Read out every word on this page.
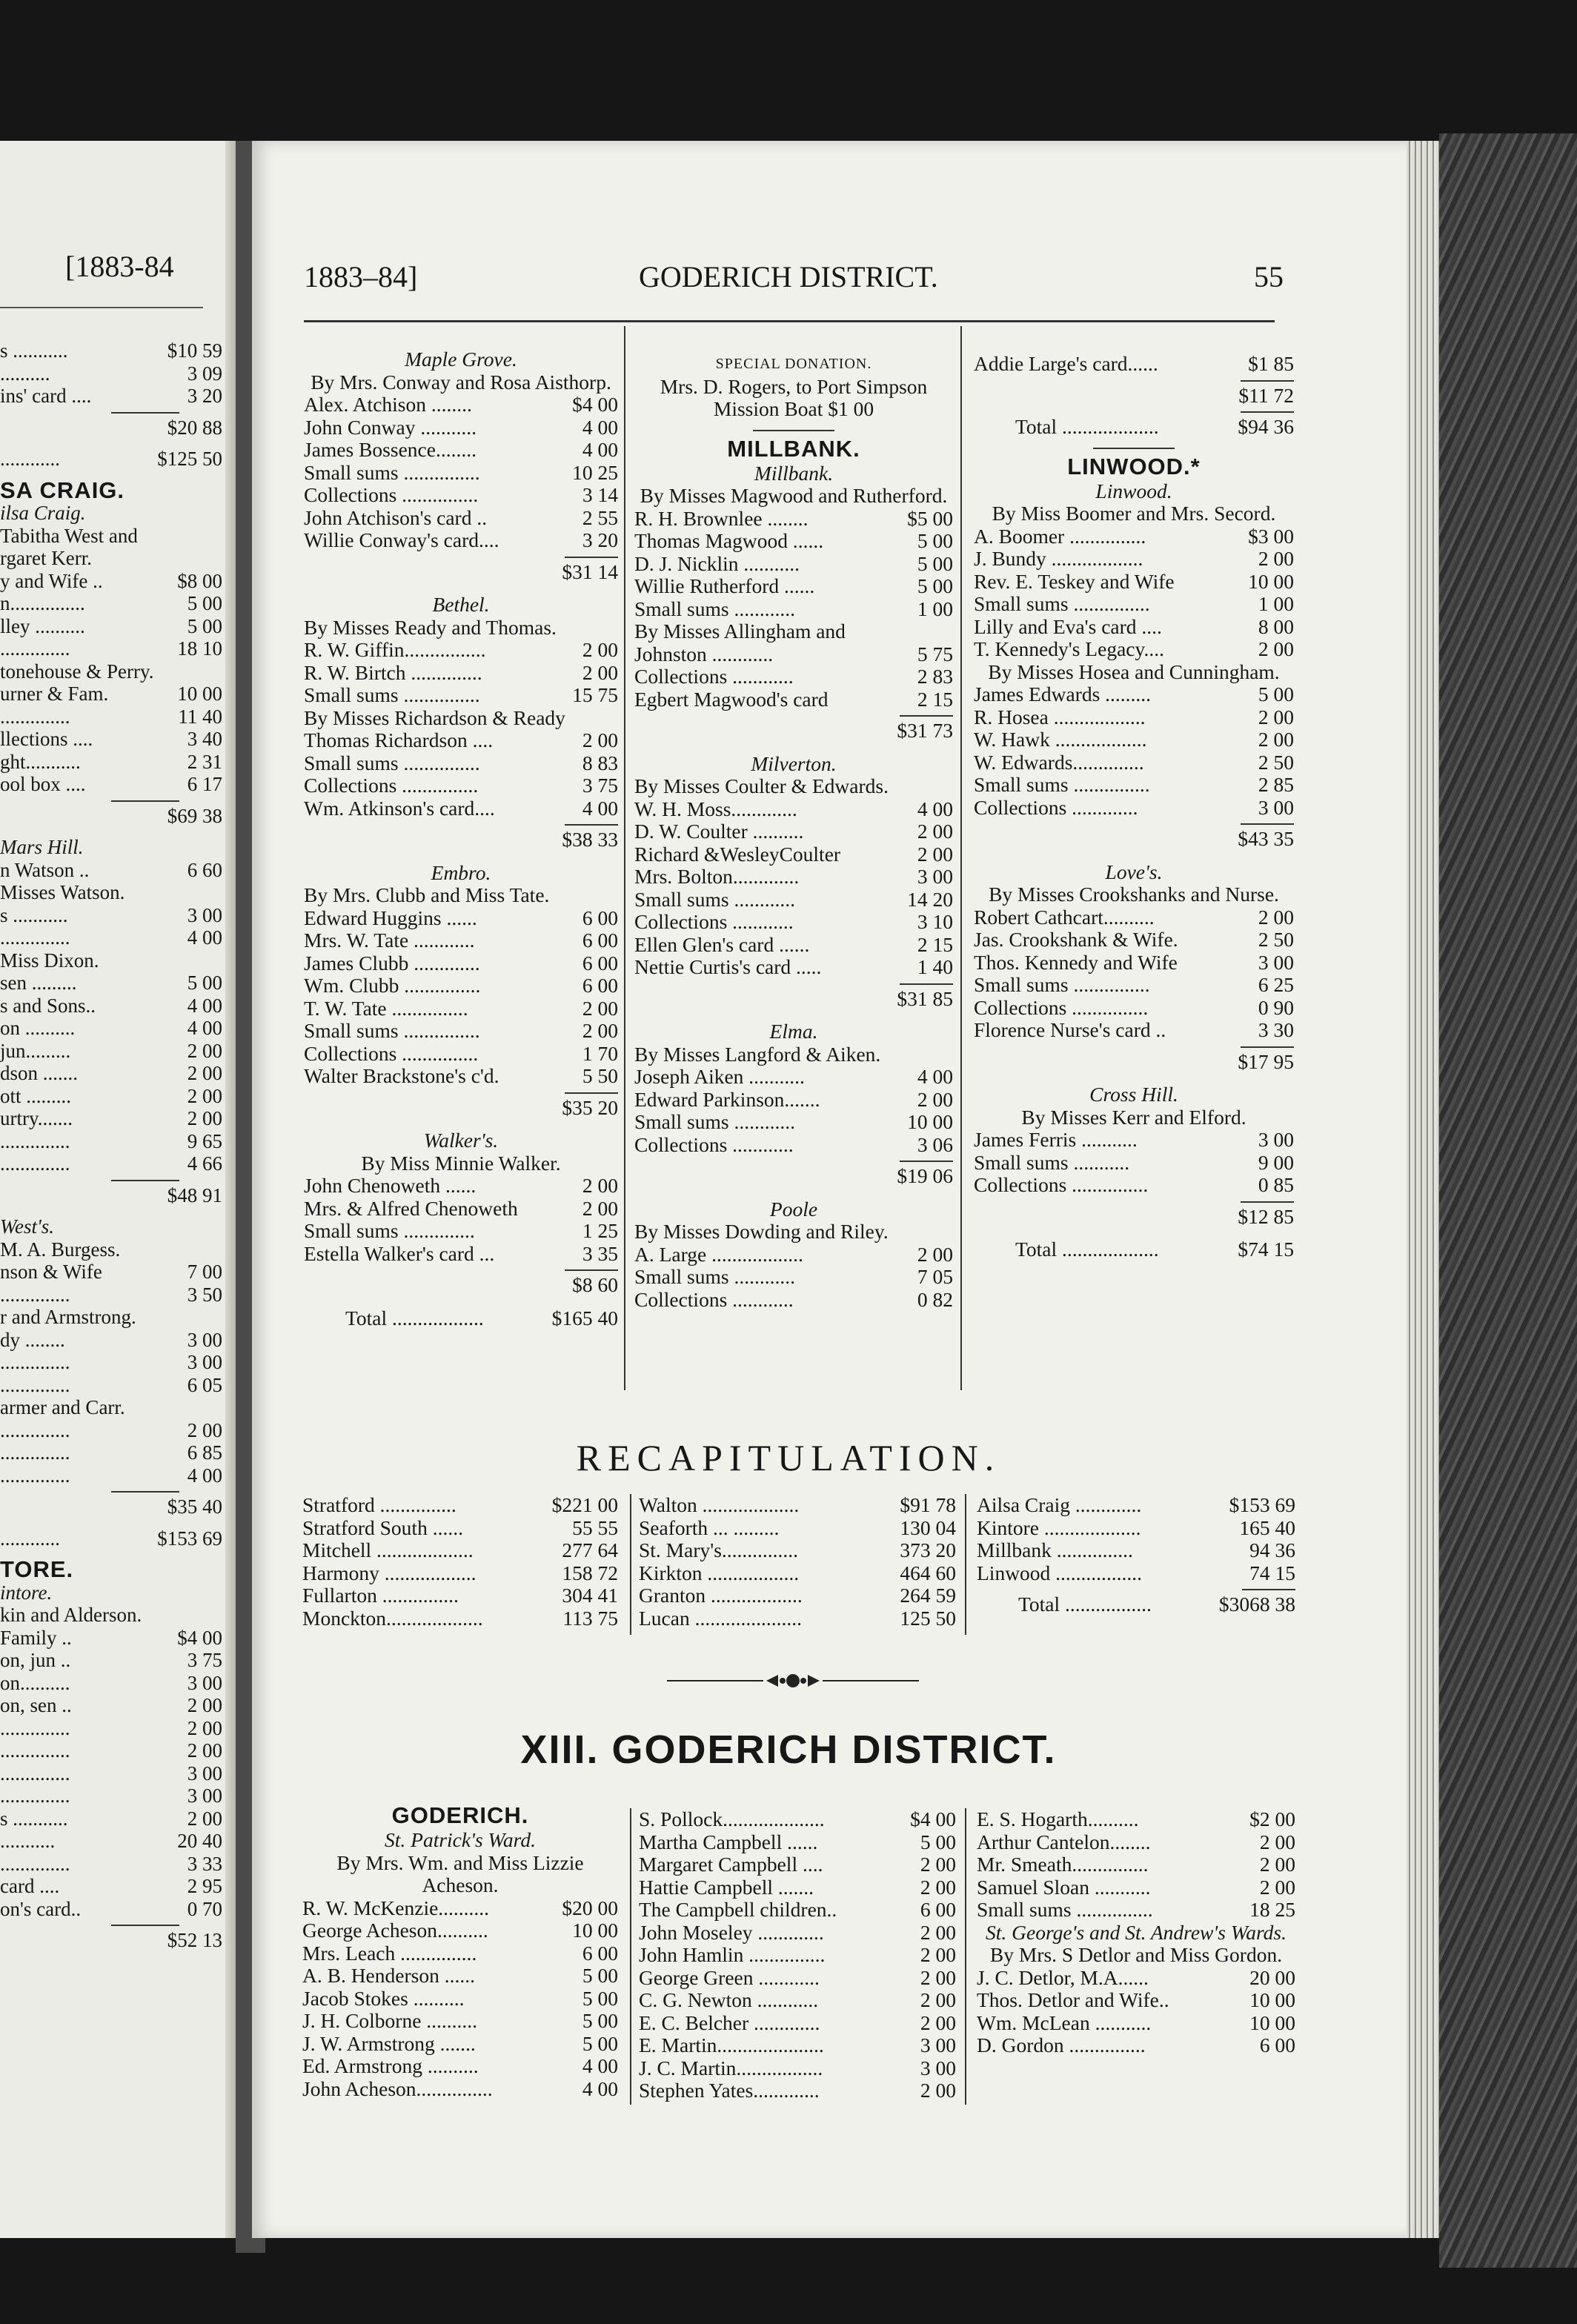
[1883-84
s ...........	$10 59
..........	3 09
ins' card ....	3 20
$20 88
............	$125 50
SA CRAIG.
ilsa Craig.
Tabitha West and
rgaret Kerr.
y and Wife ..	$8 00
n...............	5 00
lley ..........	5 00
..............	18 10
tonehouse & Perry.
urner & Fam.	10 00
..............	11 40
llections ....	3 40
ght...........	2 31
ool box ....	6 17
$69 38
Mars Hill.
n Watson ..	6 60
Misses Watson.
s ...........	3 00
..............	4 00
Miss Dixon.
sen .........	5 00
s and Sons..	4 00
on ..........	4 00
jun.........	2 00
dson .......	2 00
ott .........	2 00
urtry.......	2 00
..............	9 65
..............	4 66
$48 91
West's.
M. A. Burgess.
nson & Wife	7 00
..............	3 50
r and Armstrong.
dy ........	3 00
..............	3 00
..............	6 05
armer and Carr.
..............	2 00
..............	6 85
..............	4 00
$35 40
............	$153 69
TORE.
intore.
kin and Alderson.
Family ..	$4 00
on, jun ..	3 75
on..........	3 00
on, sen ..	2 00
..............	2 00
..............	2 00
..............	3 00
..............	3 00
s ...........	2 00
...........	20 40
..............	3 33
card ....	2 95
on's card..	0 70
$52 13
1883–84]	GODERICH DISTRICT.	55
Maple Grove.
By Mrs. Conway and Rosa Aisthorp.
Alex. Atchison ........	$4 00
John Conway ...........	4 00
James Bossence........	4 00
Small sums ...............	10 25
Collections ...............	3 14
John Atchison's card ..	2 55
Willie Conway's card....	3 20
$31 14
Bethel.
By Misses Ready and Thomas.
R. W. Giffin................	2 00
R. W. Birtch ..............	2 00
Small sums ...............	15 75
By Misses Richardson & Ready
Thomas Richardson ....	2 00
Small sums ...............	8 83
Collections ...............	3 75
Wm. Atkinson's card....	4 00
$38 33
Embro.
By Mrs. Clubb and Miss Tate.
Edward Huggins ......	6 00
Mrs. W. Tate ............	6 00
James Clubb .............	6 00
Wm. Clubb ...............	6 00
T. W. Tate ...............	2 00
Small sums ...............	2 00
Collections ...............	1 70
Walter Brackstone's c'd.	5 50
$35 20
Walker's.
By Miss Minnie Walker.
John Chenoweth ......	2 00
Mrs. & Alfred Chenoweth	2 00
Small sums ..............	1 25
Estella Walker's card ...	3 35
$8 60
Total ..................	$165 40
SPECIAL DONATION.
Mrs. D. Rogers, to Port Simpson Mission Boat $1 00
MILLBANK.
Millbank.
By Misses Magwood and Rutherford.
R. H. Brownlee ........	$5 00
Thomas Magwood ......	5 00
D. J. Nicklin ...........	5 00
Willie Rutherford ......	5 00
Small sums ............	1 00
By Misses Allingham and
Johnston ............	5 75
Collections ............	2 83
Egbert Magwood's card	2 15
$31 73
Milverton.
By Misses Coulter & Edwards.
W. H. Moss.............	4 00
D. W. Coulter ..........	2 00
Richard &WesleyCoulter	2 00
Mrs. Bolton.............	3 00
Small sums ............	14 20
Collections ............	3 10
Ellen Glen's card ......	2 15
Nettie Curtis's card .....	1 40
$31 85
Elma.
By Misses Langford & Aiken.
Joseph Aiken ...........	4 00
Edward Parkinson.......	2 00
Small sums ............	10 00
Collections ............	3 06
$19 06
Poole
By Misses Dowding and Riley.
A. Large ..................	2 00
Small sums ............	7 05
Collections ............	0 82
Addie Large's card......	$1 85
$11 72
Total ...................	$94 36
LINWOOD.*
Linwood.
By Miss Boomer and Mrs. Secord.
A. Boomer ...............	$3 00
J. Bundy ..................	2 00
Rev. E. Teskey and Wife	10 00
Small sums ...............	1 00
Lilly and Eva's card ....	8 00
T. Kennedy's Legacy....	2 00
By Misses Hosea and Cunningham.
James Edwards .........	5 00
R. Hosea ..................	2 00
W. Hawk ..................	2 00
W. Edwards..............	2 50
Small sums ...............	2 85
Collections .............	3 00
$43 35
Love's.
By Misses Crookshanks and Nurse.
Robert Cathcart..........	2 00
Jas. Crookshank & Wife.	2 50
Thos. Kennedy and Wife	3 00
Small sums ...............	6 25
Collections ...............	0 90
Florence Nurse's card ..	3 30
$17 95
Cross Hill.
By Misses Kerr and Elford.
James Ferris ...........	3 00
Small sums ...........	9 00
Collections ...............	0 85
$12 85
Total ...................	$74 15
RECAPITULATION.
Stratford ...............	$221 00
Stratford South ......	55 55
Mitchell ...................	277 64
Harmony ..................	158 72
Fullarton ...............	304 41
Monckton...................	113 75
Walton ...................	$91 78
Seaforth ... .........	130 04
St. Mary's...............	373 20
Kirkton ..................	464 60
Granton ..................	264 59
Lucan .....................	125 50
Ailsa Craig .............	$153 69
Kintore ...................	165 40
Millbank ...............	94 36
Linwood .................	74 15
Total .................	$3068 38
XIII. GODERICH DISTRICT.
GODERICH.
St. Patrick's Ward.
By Mrs. Wm. and Miss Lizzie Acheson.
R. W. McKenzie..........	$20 00
George Acheson..........	10 00
Mrs. Leach ...............	6 00
A. B. Henderson ......	5 00
Jacob Stokes ..........	5 00
J. H. Colborne ..........	5 00
J. W. Armstrong .......	5 00
Ed. Armstrong ..........	4 00
John Acheson...............	4 00
S. Pollock....................	$4 00
Martha Campbell ......	5 00
Margaret Campbell ....	2 00
Hattie Campbell .......	2 00
The Campbell children..	6 00
John Moseley .............	2 00
John Hamlin ...............	2 00
George Green ............	2 00
C. G. Newton ............	2 00
E. C. Belcher .............	2 00
E. Martin.....................	3 00
J. C. Martin.................	3 00
Stephen Yates.............	2 00
E. S. Hogarth..........	$2 00
Arthur Cantelon........	2 00
Mr. Smeath...............	2 00
Samuel Sloan ...........	2 00
Small sums ...............	18 25
St. George's and St. Andrew's Wards.
By Mrs. S Detlor and Miss Gordon.
J. C. Detlor, M.A......	20 00
Thos. Detlor and Wife..	10 00
Wm. McLean ...........	10 00
D. Gordon ...............	6 00
